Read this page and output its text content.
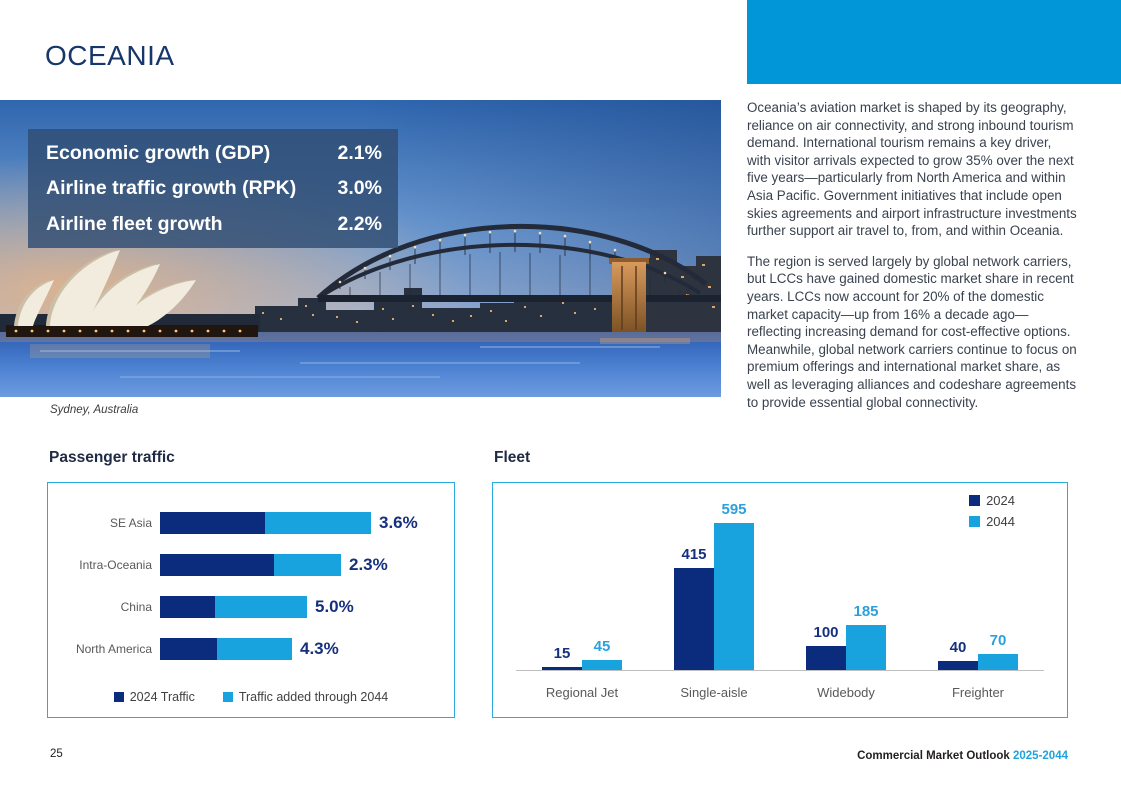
OCEANIA
Economic growth (GDP)	2.1%
Airline traffic growth (RPK)	3.0%
Airline fleet growth	2.2%
Sydney, Australia

Oceania’s aviation market is shaped by its geography, reliance on air connectivity, and strong inbound tourism demand. International tourism remains a key driver, with visitor arrivals expected to grow 35% over the next five years—particularly from North America and within Asia Pacific. Government initiatives that include open skies agreements and airport infrastructure investments further support air travel to, from, and within Oceania.

The region is served largely by global network carriers, but LCCs have gained domestic market share in recent years. LCCs now account for 20% of the domestic market capacity—up from 16% a decade ago—reflecting increasing demand for cost-effective options. Meanwhile, global network carriers continue to focus on premium offerings and international market share, as well as leveraging alliances and codeshare agreements to provide essential global connectivity.

Passenger traffic	Fleet
SE Asia	3.6%
Intra-Oceania	2.3%
China	5.0%
North America	4.3%
2024 Traffic	Traffic added through 2044
15	45
Regional Jet
415
595
Single-aisle
100
185
Widebody
40	70
Freighter
2024
2044
25	Commercial Market Outlook 2025-2044
